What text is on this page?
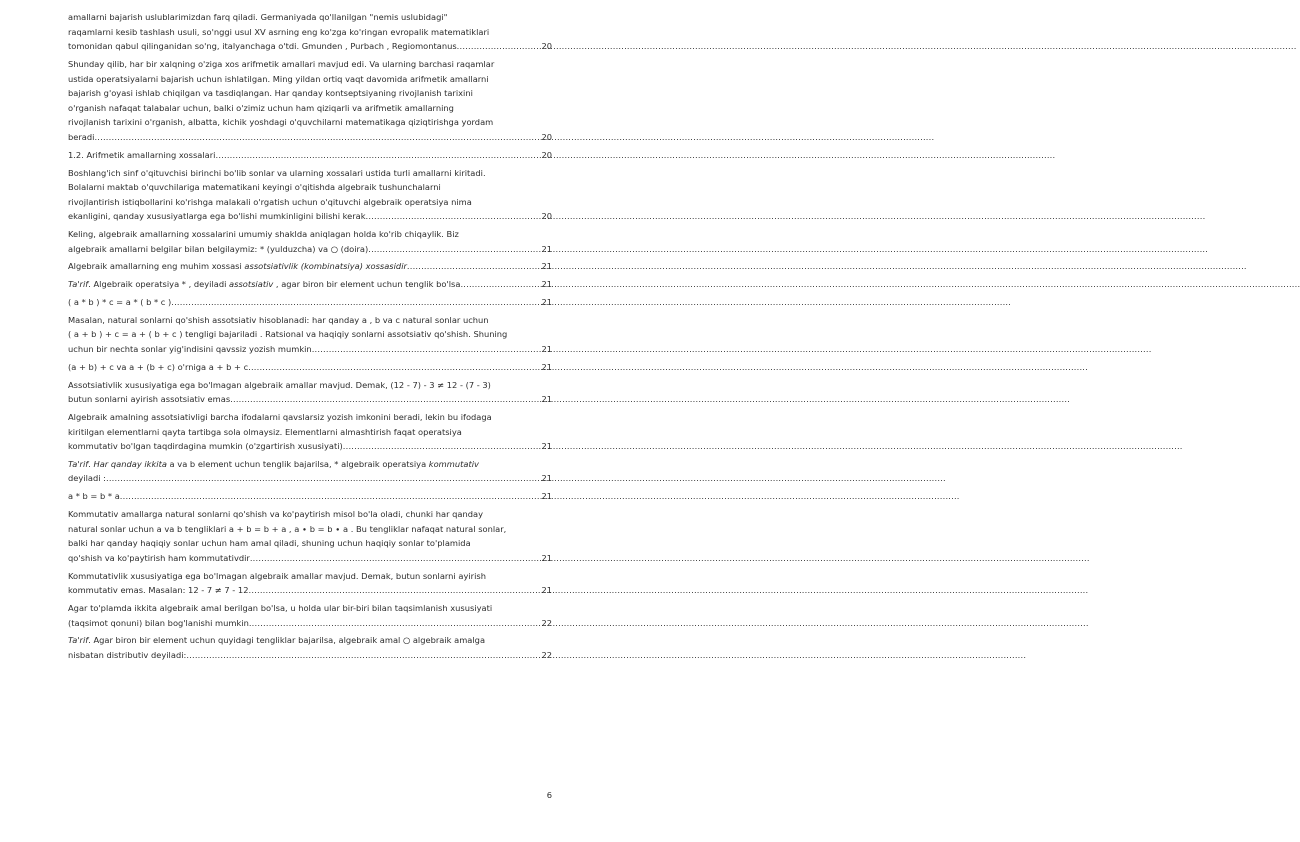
amallarni bajarish uslublarimizdan farq qiladi. Germaniyada qo'llanilgan "nemis uslubidagi"
raqamlarni kesib tashlash usuli, so'nggi usul XV asrning eng ko'zga ko'ringan evropalik matematiklari
tomonidan qabul qilinganidan so'ng, italyanchaga o'tdi. Gmunden , Purbach , Regiomontanus .....	20
Shunday qilib, har bir xalqning o'ziga xos arifmetik amallari mavjud edi. Va ularning barchasi raqamlar
ustida operatsiyalarni bajarish uchun ishlatilgan. Ming yildan ortiq vaqt davomida arifmetik amallarni
bajarish g'oyasi ishlab chiqilgan va tasdiqlangan. Har qanday kontseptsiyaning rivojlanish tarixini
o'rganish nafaqat talabalar uchun, balki o'zimiz uchun ham qiziqarli va arifmetik amallarning
rivojlanish tarixini o'rganish, albatta, kichik yoshdagi o'quvchilarni matematikaga qiziqtirishga yordam
beradi .....	20
1.2. Arifmetik amallarning xossalari .....	20
Boshlang'ich sinf o'qituvchisi birinchi bo'lib sonlar va ularning xossalari ustida turli amallarni kiritadi.
Bolalarni maktab o'quvchilariga matematikani keyingi o'qitishda algebraik tushunchalarni
rivojlantirish istiqbollarini ko'rishga malakali o'rgatish uchun o'qituvchi algebraik operatsiya nima
ekanligini, qanday xususiyatlarga ega bo'lishi mumkinligini bilishi kerak .....	20
Keling, algebraik amallarning xossalarini umumiy shaklda aniqlagan holda ko'rib chiqaylik. Biz
algebraik amallarni belgilar bilan belgilaymiz: * (yulduzcha) va ○ (doira) .....	21
Algebraik amallarning eng muhim xossasi assotsiativlik (kombinatsiya) xossasidir .....	21
Ta'rif. Algebraik operatsiya * , deyiladi assotsiativ , agar biron bir element uchun tenglik bo'lsa .....	21
( a * b ) * c = a * ( b * c ) .....	21
Masalan, natural sonlarni qo'shish assotsiativ hisoblanadi: har qanday a , b va c natural sonlar uchun
( a + b ) + c = a + ( b + c ) tengligi bajariladi . Ratsional va haqiqiy sonlarni assotsiativ qo'shish. Shuning
uchun bir nechta sonlar yig'indisini qavssiz yozish mumkin .....	21
(a + b) + c va a + (b + c) o'rniga a + b + c .....	21
Assotsiativlik xususiyatiga ega bo'lmagan algebraik amallar mavjud. Demak, (12 - 7) - 3 ≠ 12 - (7 - 3)
butun sonlarni ayirish assotsiativ emas .....	21
Algebraik amalning assotsiativligi barcha ifodalarni qavslarsiz yozish imkonini beradi, lekin bu ifodaga
kiritilgan elementlarni qayta tartibga sola olmaysiz. Elementlarni almashtirish faqat operatsiya
kommutativ bo'lgan taqdirdagina mumkin (o'zgartirish xususiyati) .....	21
Ta'rif. Har qanday ikkita a va b element uchun tenglik bajarilsa, * algebraik operatsiya kommutativ
deyiladi : .....	21
a * b = b * a .....	21
Kommutativ amallarga natural sonlarni qo'shish va ko'paytirish misol bo'la oladi, chunki har qanday
natural sonlar uchun a va b tengliklari a + b = b + a , a ∙ b = b ∙ a . Bu tengliklar nafaqat natural sonlar,
balki har qanday haqiqiy sonlar uchun ham amal qiladi, shuning uchun haqiqiy sonlar to'plamida
qo'shish va ko'paytirish ham kommutativdir .....	21
Kommutativlik xususiyatiga ega bo'lmagan algebraik amallar mavjud. Demak, butun sonlarni ayirish
kommutativ emas. Masalan: 12 - 7 ≠ 7 - 12 .....	21
Agar to'plamda ikkita algebraik amal berilgan bo'lsa, u holda ular bir-biri bilan taqsimlanish xususiyati
(taqsimot qonuni) bilan bog'lanishi mumkin .....	22
Ta'rif. Agar biron bir element uchun quyidagi tengliklar bajarilsa, algebraik amal ○ algebraik amalga
nisbatan distributiv deyiladi: .....	22
6
